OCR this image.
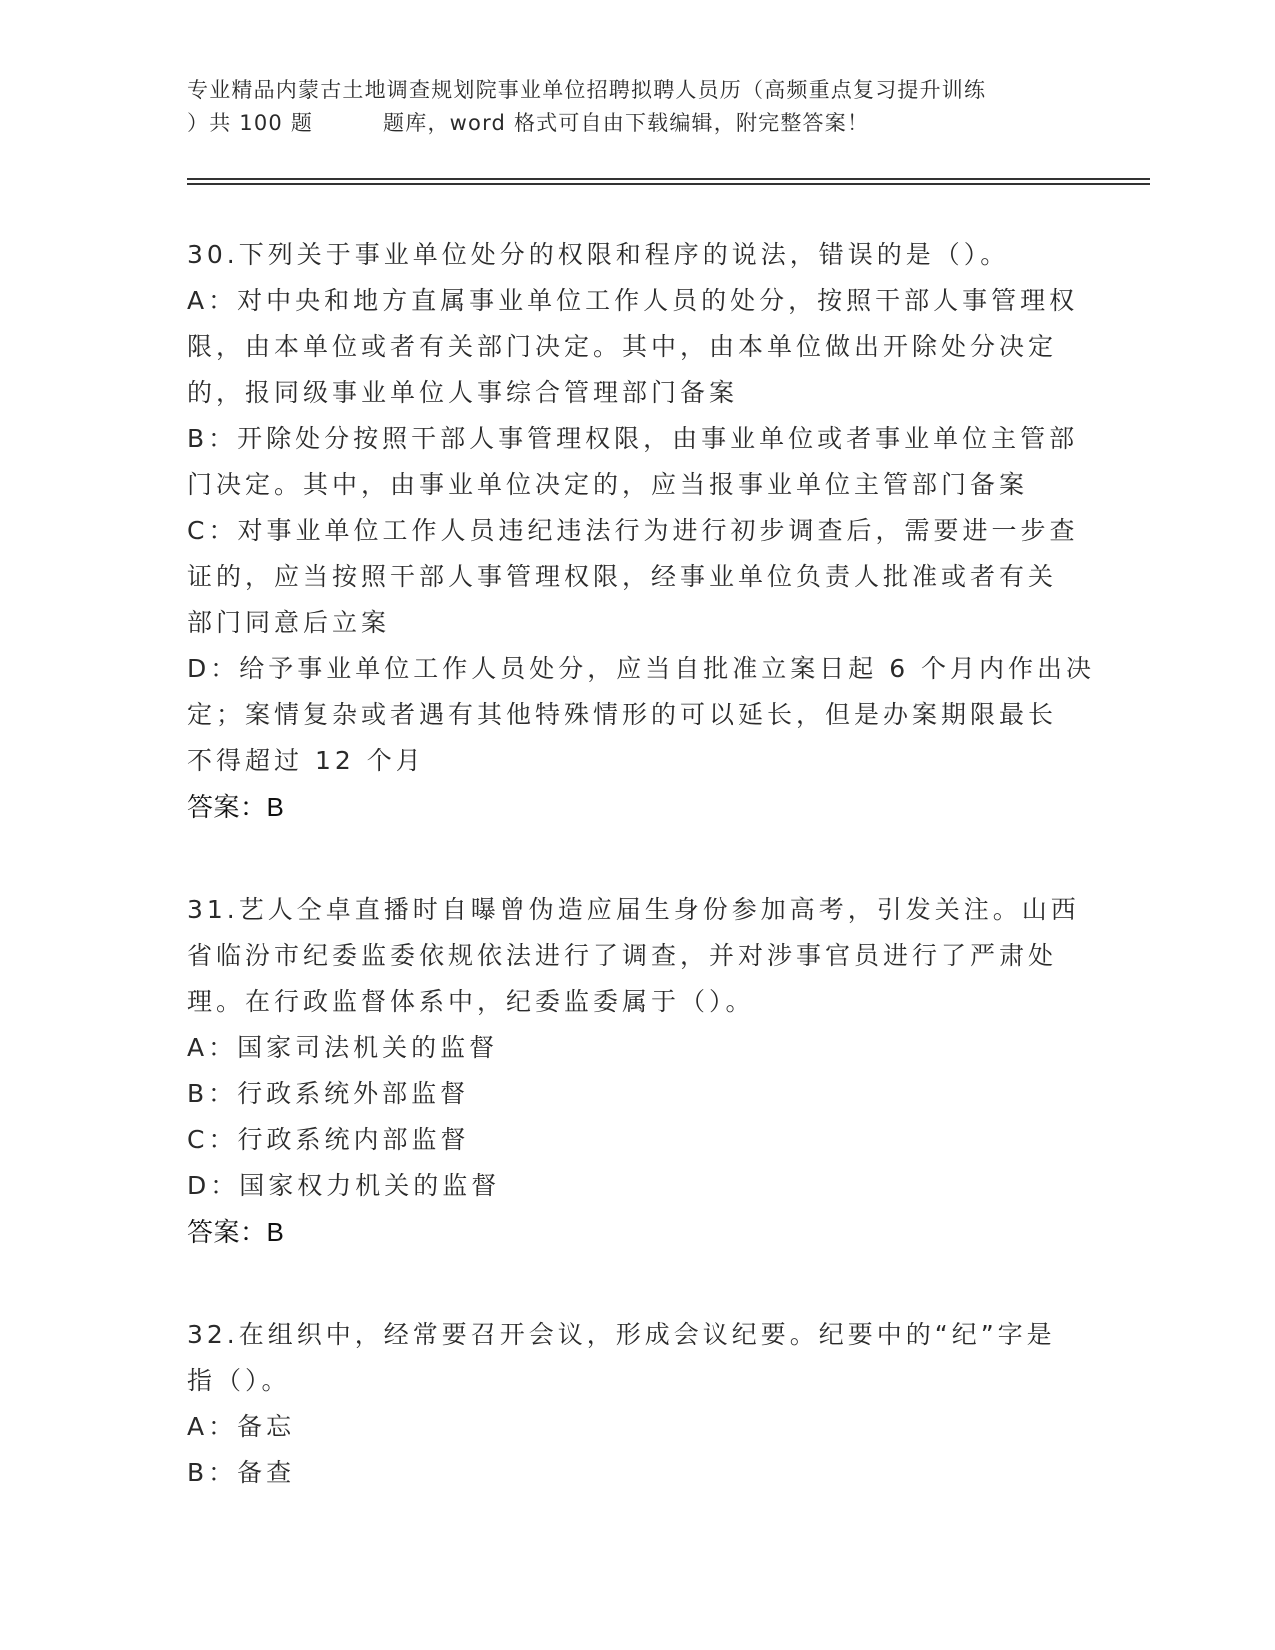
专业精品内蒙古土地调查规划院事业单位招聘拟聘人员历（高频重点复习提升训练
）共 100 题	题库，word 格式可自由下载编辑，附完整答案！
30.下列关于事业单位处分的权限和程序的说法，错误的是（）。
A：对中央和地方直属事业单位工作人员的处分，按照干部人事管理权
限，由本单位或者有关部门决定。其中，由本单位做出开除处分决定
的，报同级事业单位人事综合管理部门备案
B：开除处分按照干部人事管理权限，由事业单位或者事业单位主管部
门决定。其中，由事业单位决定的，应当报事业单位主管部门备案
C：对事业单位工作人员违纪违法行为进行初步调查后，需要进一步查
证的，应当按照干部人事管理权限，经事业单位负责人批准或者有关
部门同意后立案
D：给予事业单位工作人员处分，应当自批准立案日起 6 个月内作出决
定；案情复杂或者遇有其他特殊情形的可以延长，但是办案期限最长
不得超过 12 个月
答案：B
31.艺人仝卓直播时自曝曾伪造应届生身份参加高考，引发关注。山西
省临汾市纪委监委依规依法进行了调查，并对涉事官员进行了严肃处
理。在行政监督体系中，纪委监委属于（）。
A：国家司法机关的监督
B：行政系统外部监督
C：行政系统内部监督
D：国家权力机关的监督
答案：B
32.在组织中，经常要召开会议，形成会议纪要。纪要中的“纪”字是
指（）。
A：备忘
B：备查
